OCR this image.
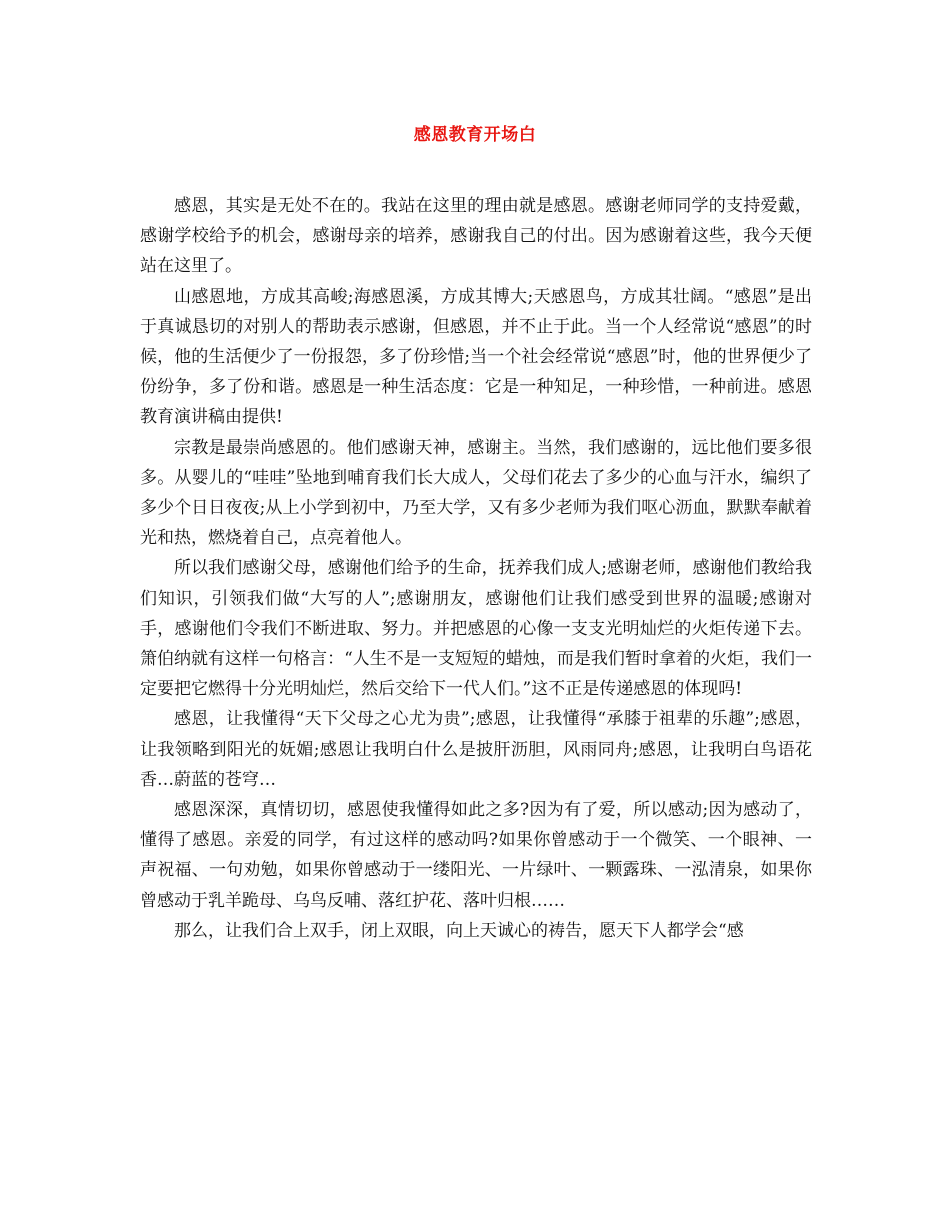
感恩教育开场白

感恩，其实是无处不在的。我站在这里的理由就是感恩。感谢老师同学的支持爱戴，感谢学校给予的机会，感谢母亲的培养，感谢我自己的付出。因为感谢着这些，我今天便站在这里了。

山感恩地，方成其高峻;海感恩溪，方成其博大;天感恩鸟，方成其壮阔。“感恩”是出于真诚恳切的对别人的帮助表示感谢，但感恩，并不止于此。当一个人经常说“感恩”的时候，他的生活便少了一份报怨，多了份珍惜;当一个社会经常说“感恩”时，他的世界便少了份纷争，多了份和谐。感恩是一种生活态度：它是一种知足，一种珍惜，一种前进。感恩教育演讲稿由提供!

宗教是最崇尚感恩的。他们感谢天神，感谢主。当然，我们感谢的，远比他们要多很多。从婴儿的“哇哇”坠地到哺育我们长大成人，父母们花去了多少的心血与汗水，编织了多少个日日夜夜;从上小学到初中，乃至大学，又有多少老师为我们呕心沥血，默默奉献着光和热，燃烧着自己，点亮着他人。

所以我们感谢父母，感谢他们给予的生命，抚养我们成人;感谢老师，感谢他们教给我们知识，引领我们做“大写的人”;感谢朋友，感谢他们让我们感受到世界的温暖;感谢对手，感谢他们令我们不断进取、努力。并把感恩的心像一支支光明灿烂的火炬传递下去。箫伯纳就有这样一句格言：“人生不是一支短短的蜡烛，而是我们暂时拿着的火炬，我们一定要把它燃得十分光明灿烂，然后交给下一代人们。”这不正是传递感恩的体现吗!

感恩，让我懂得“天下父母之心尤为贵”;感恩，让我懂得“承膝于祖辈的乐趣”;感恩，让我领略到阳光的妩媚;感恩让我明白什么是披肝沥胆，风雨同舟;感恩，让我明白鸟语花香…蔚蓝的苍穹…

感恩深深，真情切切，感恩使我懂得如此之多?因为有了爱，所以感动;因为感动了，懂得了感恩。亲爱的同学，有过这样的感动吗?如果你曾感动于一个微笑、一个眼神、一声祝福、一句劝勉，如果你曾感动于一缕阳光、一片绿叶、一颗露珠、一泓清泉，如果你曾感动于乳羊跪母、乌鸟反哺、落红护花、落叶归根……

那么，让我们合上双手，闭上双眼，向上天诚心的祷告，愿天下人都学会“感
